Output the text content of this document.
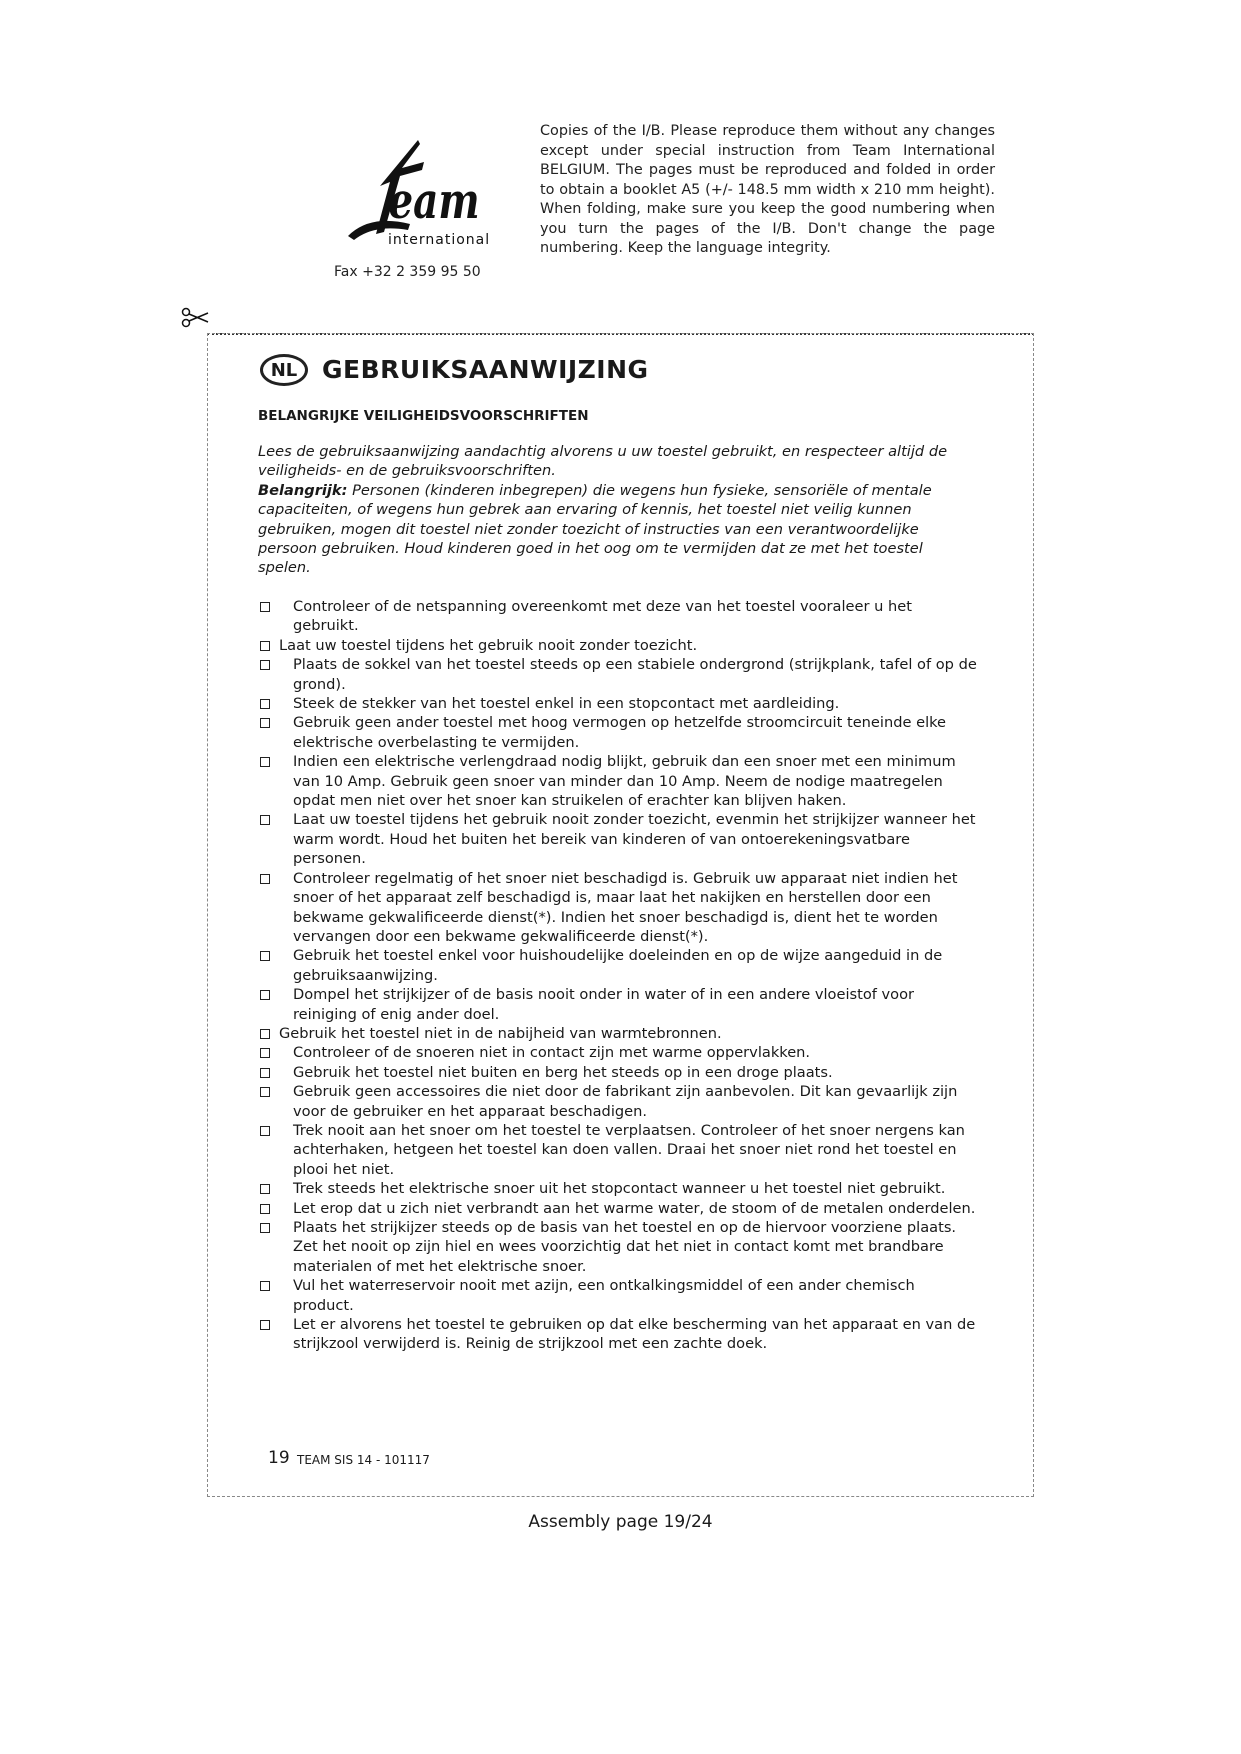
eam
international
Fax +32 2 359 95 50
Copies of the I/B. Please reproduce them without any changes except under special instruction from Team International BELGIUM. The pages must be reproduced and folded in order to obtain a booklet A5 (+/- 148.5 mm width x 210 mm height). When folding, make sure you keep the good numbering when you turn the pages of the I/B. Don't change the page numbering. Keep the language integrity.
NL GEBRUIKSAANWIJZING
BELANGRIJKE VEILIGHEIDSVOORSCHRIFTEN
Lees de gebruiksaanwijzing aandachtig alvorens u uw toestel gebruikt, en respecteer altijd de veiligheids- en de gebruiksvoorschriften.
Belangrijk: Personen (kinderen inbegrepen) die wegens hun fysieke, sensoriële of mentale capaciteiten, of wegens hun gebrek aan ervaring of kennis, het toestel niet veilig kunnen gebruiken, mogen dit toestel niet zonder toezicht of instructies van een verantwoordelijke persoon gebruiken. Houd kinderen goed in het oog om te vermijden dat ze met het toestel spelen.
Controleer of de netspanning overeenkomt met deze van het toestel vooraleer u het gebruikt.
Laat uw toestel tijdens het gebruik nooit zonder toezicht.
Plaats de sokkel van het toestel steeds op een stabiele ondergrond (strijkplank, tafel of op de grond).
Steek de stekker van het toestel enkel in een stopcontact met aardleiding.
Gebruik geen ander toestel met hoog vermogen op hetzelfde stroomcircuit teneinde elke elektrische overbelasting te vermijden.
Indien een elektrische verlengdraad nodig blijkt, gebruik dan een snoer met een minimum van 10 Amp. Gebruik geen snoer van minder dan 10 Amp. Neem de nodige maatregelen opdat men niet over het snoer kan struikelen of erachter kan blijven haken.
Laat uw toestel tijdens het gebruik nooit zonder toezicht, evenmin het strijkijzer wanneer het warm wordt. Houd het buiten het bereik van kinderen of van ontoerekeningsvatbare personen.
Controleer regelmatig of het snoer niet beschadigd is. Gebruik uw apparaat niet indien het snoer of het apparaat zelf beschadigd is, maar laat het nakijken en herstellen door een bekwame gekwalificeerde dienst(*). Indien het snoer beschadigd is, dient het te worden vervangen door een bekwame gekwalificeerde dienst(*).
Gebruik het toestel enkel voor huishoudelijke doeleinden en op de wijze aangeduid in de gebruiksaanwijzing.
Dompel het strijkijzer of de basis nooit onder in water of in een andere vloeistof voor reiniging of enig ander doel.
Gebruik het toestel niet in de nabijheid van warmtebronnen.
Controleer of de snoeren niet in contact zijn met warme oppervlakken.
Gebruik het toestel niet buiten en berg het steeds op in een droge plaats.
Gebruik geen accessoires die niet door de fabrikant zijn aanbevolen. Dit kan gevaarlijk zijn voor de gebruiker en het apparaat beschadigen.
Trek nooit aan het snoer om het toestel te verplaatsen. Controleer of het snoer nergens kan achterhaken, hetgeen het toestel kan doen vallen. Draai het snoer niet rond het toestel en plooi het niet.
Trek steeds het elektrische snoer uit het stopcontact wanneer u het toestel niet gebruikt.
Let erop dat u zich niet verbrandt aan het warme water, de stoom of de metalen onderdelen.
Plaats het strijkijzer steeds op de basis van het toestel en op de hiervoor voorziene plaats. Zet het nooit op zijn hiel en wees voorzichtig dat het niet in contact komt met brandbare materialen of met het elektrische snoer.
Vul het waterreservoir nooit met azijn, een ontkalkingsmiddel of een ander chemisch product.
Let er alvorens het toestel te gebruiken op dat elke bescherming van het apparaat en van de strijkzool verwijderd is. Reinig de strijkzool met een zachte doek.
19 TEAM SIS 14 - 101117
Assembly page 19/24
